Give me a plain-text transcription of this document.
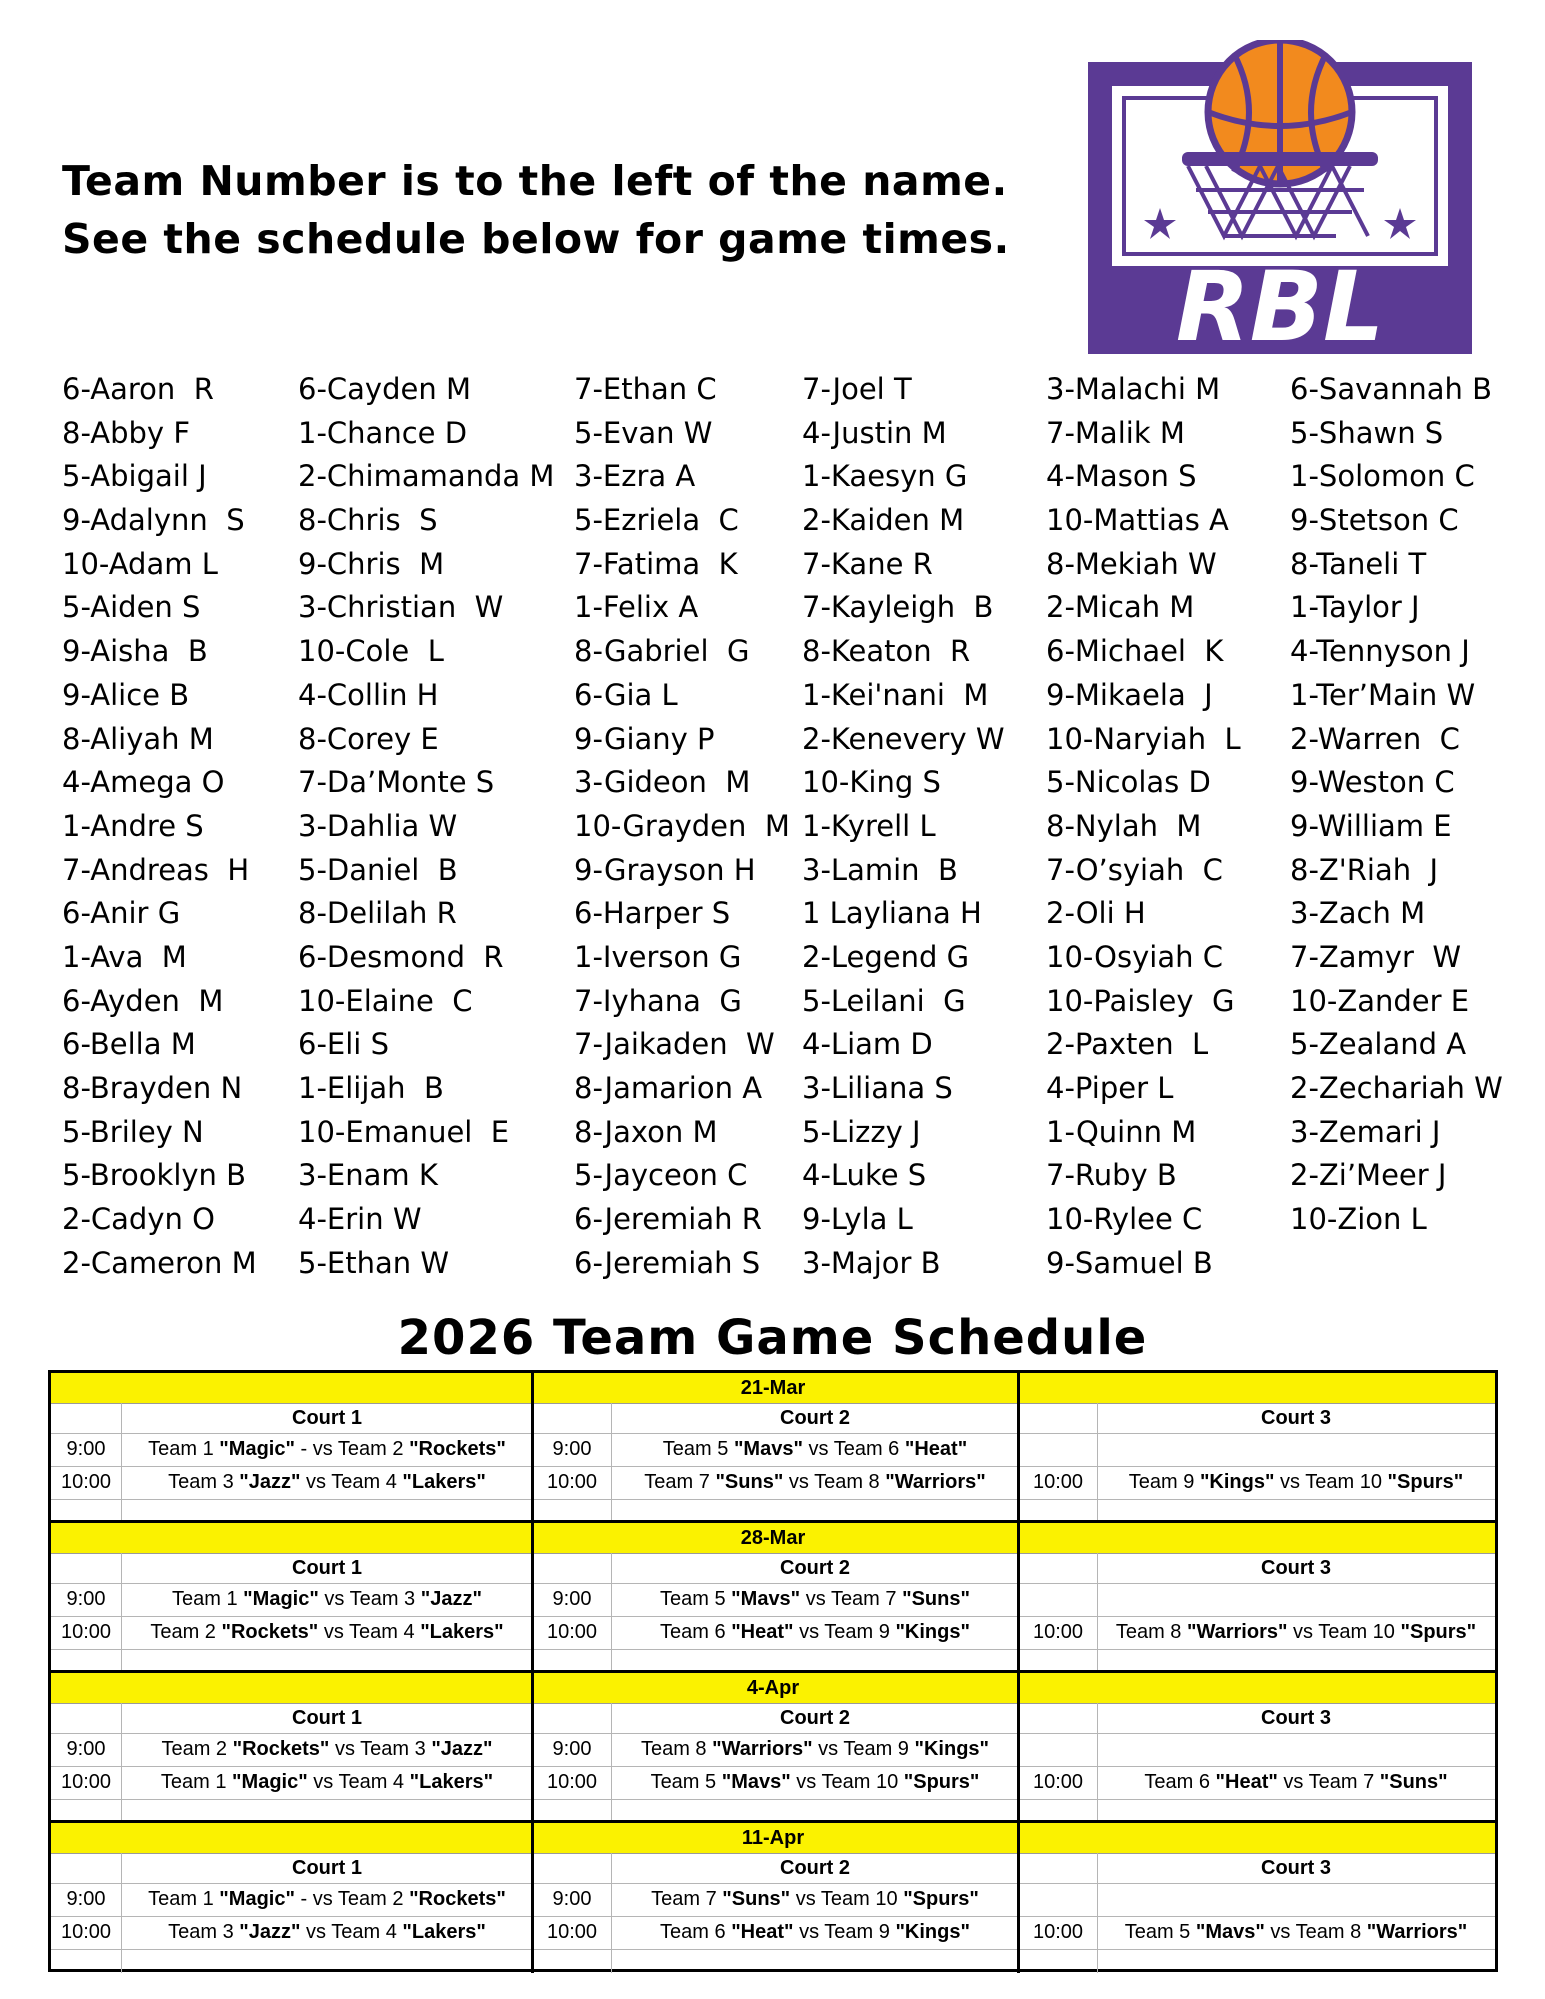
Team Number is to the left of the name.
See the schedule below for game times.
RBL
6-Aaron  R
8-Abby F
5-Abigail J
9-Adalynn  S
10-Adam L
5-Aiden S
9-Aisha  B
9-Alice B
8-Aliyah M
4-Amega O
1-Andre S
7-Andreas  H
6-Anir G
1-Ava  M
6-Ayden  M
6-Bella M
8-Brayden N
5-Briley N
5-Brooklyn B
2-Cadyn O
2-Cameron M
6-Cayden M
1-Chance D
2-Chimamanda M
8-Chris  S
9-Chris  M
3-Christian  W
10-Cole  L
4-Collin H
8-Corey E
7-Da’Monte S
3-Dahlia W
5-Daniel  B
8-Delilah R
6-Desmond  R
10-Elaine  C
6-Eli S
1-Elijah  B
10-Emanuel  E
3-Enam K
4-Erin W
5-Ethan W
7-Ethan C
5-Evan W
3-Ezra A
5-Ezriela  C
7-Fatima  K
1-Felix A
8-Gabriel  G
6-Gia L
9-Giany P
3-Gideon  M
10-Grayden  M
9-Grayson H
6-Harper S
1-Iverson G
7-Iyhana  G
7-Jaikaden  W
8-Jamarion A
8-Jaxon M
5-Jayceon C
6-Jeremiah R
6-Jeremiah S
7-Joel T
4-Justin M
1-Kaesyn G
2-Kaiden M
7-Kane R
7-Kayleigh  B
8-Keaton  R
1-Kei'nani  M
2-Kenevery W
10-King S
1-Kyrell L
3-Lamin  B
1 Layliana H
2-Legend G
5-Leilani  G
4-Liam D
3-Liliana S
5-Lizzy J
4-Luke S
9-Lyla L
3-Major B
3-Malachi M
7-Malik M
4-Mason S
10-Mattias A
8-Mekiah W
2-Micah M
6-Michael  K
9-Mikaela  J
10-Naryiah  L
5-Nicolas D
8-Nylah  M
7-O’syiah  C
2-Oli H
10-Osyiah C
10-Paisley  G
2-Paxten  L
4-Piper L
1-Quinn M
7-Ruby B
10-Rylee C
9-Samuel B
6-Savannah B
5-Shawn S
1-Solomon C
9-Stetson C
8-Taneli T
1-Taylor J
4-Tennyson J
1-Ter’Main W
2-Warren  C
9-Weston C
9-William E
8-Z'Riah  J
3-Zach M
7-Zamyr  W
10-Zander E
5-Zealand A
2-Zechariah W
3-Zemari J
2-Zi’Meer J
10-Zion L
2026 Team Game Schedule
21-Mar
Court 1
9:00	Team 1 "Magic" - vs Team 2 "Rockets"
10:00	Team 3 "Jazz" vs Team 4 "Lakers"
Court 2
9:00	Team 5 "Mavs" vs Team 6 "Heat"
10:00	Team 7 "Suns" vs Team 8 "Warriors"
Court 3
10:00	Team 9 "Kings" vs Team 10 "Spurs"
28-Mar
Court 1
9:00	Team 1 "Magic" vs Team 3 "Jazz"
10:00	Team 2 "Rockets" vs Team 4 "Lakers"
Court 2
9:00	Team 5 "Mavs" vs Team 7 "Suns"
10:00	Team 6 "Heat" vs Team 9 "Kings"
Court 3
10:00	Team 8 "Warriors" vs Team 10 "Spurs"
4-Apr
Court 1
9:00	Team 2 "Rockets" vs Team 3 "Jazz"
10:00	Team 1 "Magic" vs Team 4 "Lakers"
Court 2
9:00	Team 8 "Warriors" vs Team 9 "Kings"
10:00	Team 5 "Mavs" vs Team 10 "Spurs"
Court 3
10:00	Team 6 "Heat" vs Team 7 "Suns"
11-Apr
Court 1
9:00	Team 1 "Magic" - vs Team 2 "Rockets"
10:00	Team 3 "Jazz" vs Team 4 "Lakers"
Court 2
9:00	Team 7 "Suns" vs Team 10 "Spurs"
10:00	Team 6 "Heat" vs Team 9 "Kings"
Court 3
10:00	Team 5 "Mavs" vs Team 8 "Warriors"
